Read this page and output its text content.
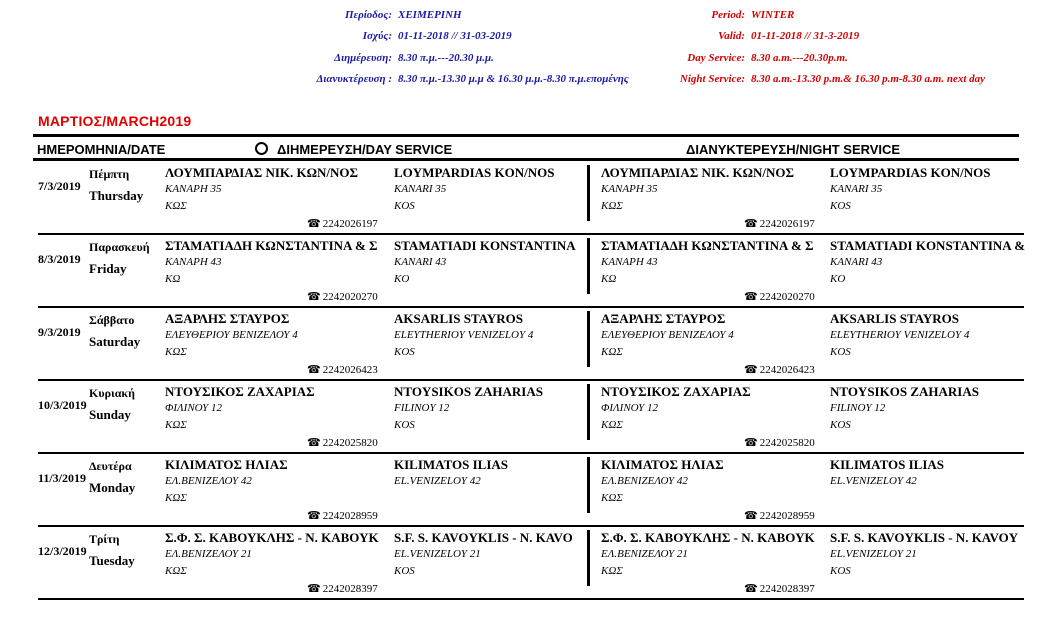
Περίοδος: ΧΕΙΜΕΡΙΝΗ
Ισχύς: 01-11-2018 // 31-03-2019
Διημέρευση: 8.30 π.μ.---20.30 μ.μ.
Διανυκτέρευση : 8.30 π.μ.-13.30 μ.μ & 16.30 μ.μ.-8.30 π.μ.επομένης
Period: WINTER
Valid: 01-11-2018 // 31-3-2019
Day Service: 8.30 a.m.---20.30p.m.
Night Service: 8.30 a.m.-13.30 p.m.& 16.30 p.m-8.30 a.m. next day
ΜΑΡΤΙΟΣ/MARCH2019
ΗΜΕΡΟΜΗΝΙΑ/DATE	ΔΙΗΜΕΡΕΥΣΗ/DAY SERVICE	ΔΙΑΝΥΚΤΕΡΕΥΣΗ/NIGHT SERVICE
7/3/2019
Πέμπτη
Thursday
ΛΟΥΜΠΑΡΔΙΑΣ ΝΙΚ. ΚΩΝ/ΝΟΣ
ΚΑΝΑΡΗ 35
ΚΩΣ
LOYMPARDIAS KON/NOS
KANARI 35
KOS
☎ 2242026197
ΛΟΥΜΠΑΡΔΙΑΣ ΝΙΚ. ΚΩΝ/ΝΟΣ
ΚΑΝΑΡΗ 35
ΚΩΣ
LOYMPARDIAS KON/NOS
KANARI 35
KOS
☎ 2242026197
8/3/2019
Παρασκευή
Friday
ΣΤΑΜΑΤΙΑΔΗ ΚΩΝΣΤΑΝΤΙΝΑ & Σ
ΚΑΝΑΡΗ 43
ΚΩ
STAMATIADI KONSTANTINA
KANARI 43
KO
☎ 2242020270
ΣΤΑΜΑΤΙΑΔΗ ΚΩΝΣΤΑΝΤΙΝΑ & Σ
ΚΑΝΑΡΗ 43
ΚΩ
STAMATIADI KONSTANTINA &
KANARI 43
KO
☎ 2242020270
9/3/2019
Σάββατο
Saturday
ΑΞΑΡΛΗΣ ΣΤΑΥΡΟΣ
ΕΛΕΥΘΕΡΙΟΥ ΒΕΝΙΖΕΛΟΥ 4
ΚΩΣ
AKSARLIS STAYROS
ELEYTHERIOY VENIZELOY 4
KOS
☎ 2242026423
ΑΞΑΡΛΗΣ ΣΤΑΥΡΟΣ
ΕΛΕΥΘΕΡΙΟΥ ΒΕΝΙΖΕΛΟΥ 4
ΚΩΣ
AKSARLIS STAYROS
ELEYTHERIOY VENIZELOY 4
KOS
☎ 2242026423
10/3/2019
Κυριακή
Sunday
ΝΤΟΥΣΙΚΟΣ ΖΑΧΑΡΙΑΣ
ΦΙΛΙΝΟΥ 12
ΚΩΣ
NTOYSIKOS ZAHARIAS
FILINOY 12
KOS
☎ 2242025820
ΝΤΟΥΣΙΚΟΣ ΖΑΧΑΡΙΑΣ
ΦΙΛΙΝΟΥ 12
ΚΩΣ
NTOYSIKOS ZAHARIAS
FILINOY 12
KOS
☎ 2242025820
11/3/2019
Δευτέρα
Monday
ΚΙΛΙΜΑΤΟΣ ΗΛΙΑΣ
ΕΛ.ΒΕΝΙΖΕΛΟΥ 42
ΚΩΣ
KILIMATOS ILIAS
EL.VENIZELOY 42
☎ 2242028959
ΚΙΛΙΜΑΤΟΣ ΗΛΙΑΣ
ΕΛ.ΒΕΝΙΖΕΛΟΥ 42
ΚΩΣ
KILIMATOS ILIAS
EL.VENIZELOY 42
☎ 2242028959
12/3/2019
Τρίτη
Tuesday
Σ.Φ. Σ. ΚΑΒΟΥΚΛΗΣ - Ν. ΚΑΒΟΥΚ
ΕΛ.ΒΕΝΙΖΕΛΟΥ 21
ΚΩΣ
S.F. S. KAVOYKLIS - N. KAVO
EL.VENIZELOY 21
KOS
☎ 2242028397
Σ.Φ. Σ. ΚΑΒΟΥΚΛΗΣ - Ν. ΚΑΒΟΥΚ
ΕΛ.ΒΕΝΙΖΕΛΟΥ 21
ΚΩΣ
S.F. S. KAVOYKLIS - N. KAVOY
EL.VENIZELOY 21
KOS
☎ 2242028397
